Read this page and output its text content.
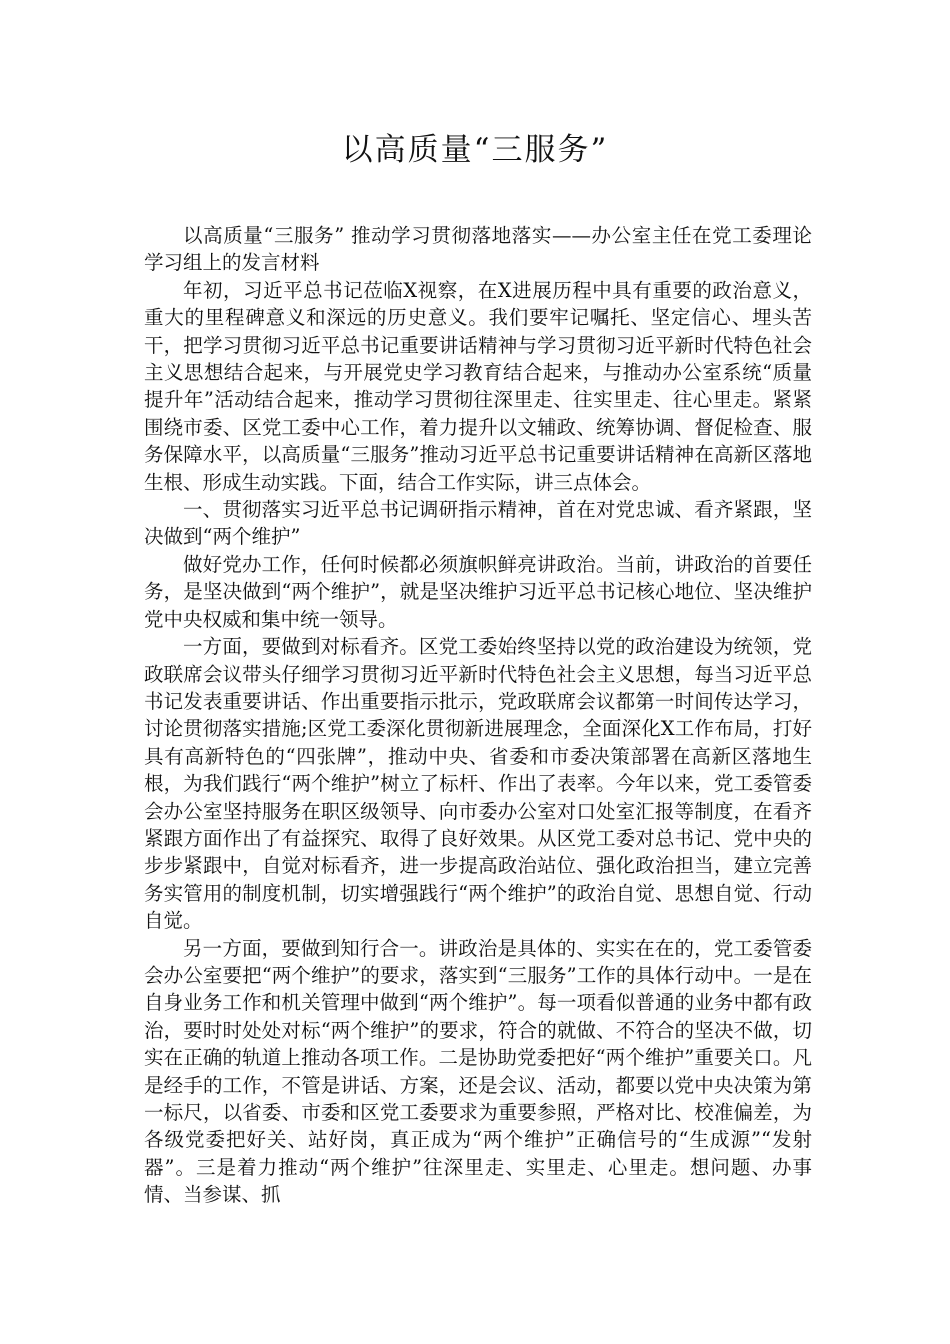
以高质量“三服务”

以高质量“三服务” 推动学习贯彻落地落实——办公室主任在党工委理论学习组上的发言材料

年初，习近平总书记莅临X视察，在X进展历程中具有重要的政治意义，重大的里程碑意义和深远的历史意义。我们要牢记嘱托、坚定信心、埋头苦干，把学习贯彻习近平总书记重要讲话精神与学习贯彻习近平新时代特色社会主义思想结合起来，与开展党史学习教育结合起来，与推动办公室系统“质量提升年”活动结合起来，推动学习贯彻往深里走、往实里走、往心里走。紧紧围绕市委、区党工委中心工作，着力提升以文辅政、统筹协调、督促检查、服务保障水平，以高质量“三服务”推动习近平总书记重要讲话精神在高新区落地生根、形成生动实践。下面，结合工作实际，讲三点体会。

一、贯彻落实习近平总书记调研指示精神，首在对党忠诚、看齐紧跟，坚决做到“两个维护”

做好党办工作，任何时候都必须旗帜鲜亮讲政治。当前，讲政治的首要任务，是坚决做到“两个维护”，就是坚决维护习近平总书记核心地位、坚决维护党中央权威和集中统一领导。

一方面，要做到对标看齐。区党工委始终坚持以党的政治建设为统领，党政联席会议带头仔细学习贯彻习近平新时代特色社会主义思想，每当习近平总书记发表重要讲话、作出重要指示批示，党政联席会议都第一时间传达学习，讨论贯彻落实措施;区党工委深化贯彻新进展理念，全面深化X工作布局，打好具有高新特色的“四张牌”，推动中央、省委和市委决策部署在高新区落地生根，为我们践行“两个维护”树立了标杆、作出了表率。今年以来，党工委管委会办公室坚持服务在职区级领导、向市委办公室对口处室汇报等制度，在看齐紧跟方面作出了有益探究、取得了良好效果。从区党工委对总书记、党中央的步步紧跟中，自觉对标看齐，进一步提高政治站位、强化政治担当，建立完善务实管用的制度机制，切实增强践行“两个维护”的政治自觉、思想自觉、行动自觉。

另一方面，要做到知行合一。讲政治是具体的、实实在在的，党工委管委会办公室要把“两个维护”的要求，落实到“三服务”工作的具体行动中。一是在自身业务工作和机关管理中做到“两个维护”。每一项看似普通的业务中都有政治，要时时处处对标“两个维护”的要求，符合的就做、不符合的坚决不做，切实在正确的轨道上推动各项工作。二是协助党委把好“两个维护”重要关口。凡是经手的工作，不管是讲话、方案，还是会议、活动，都要以党中央决策为第一标尺，以省委、市委和区党工委要求为重要参照，严格对比、校准偏差，为各级党委把好关、站好岗，真正成为“两个维护”正确信号的“生成源”“发射器”。三是着力推动“两个维护”往深里走、实里走、心里走。想问题、办事情、当参谋、抓
